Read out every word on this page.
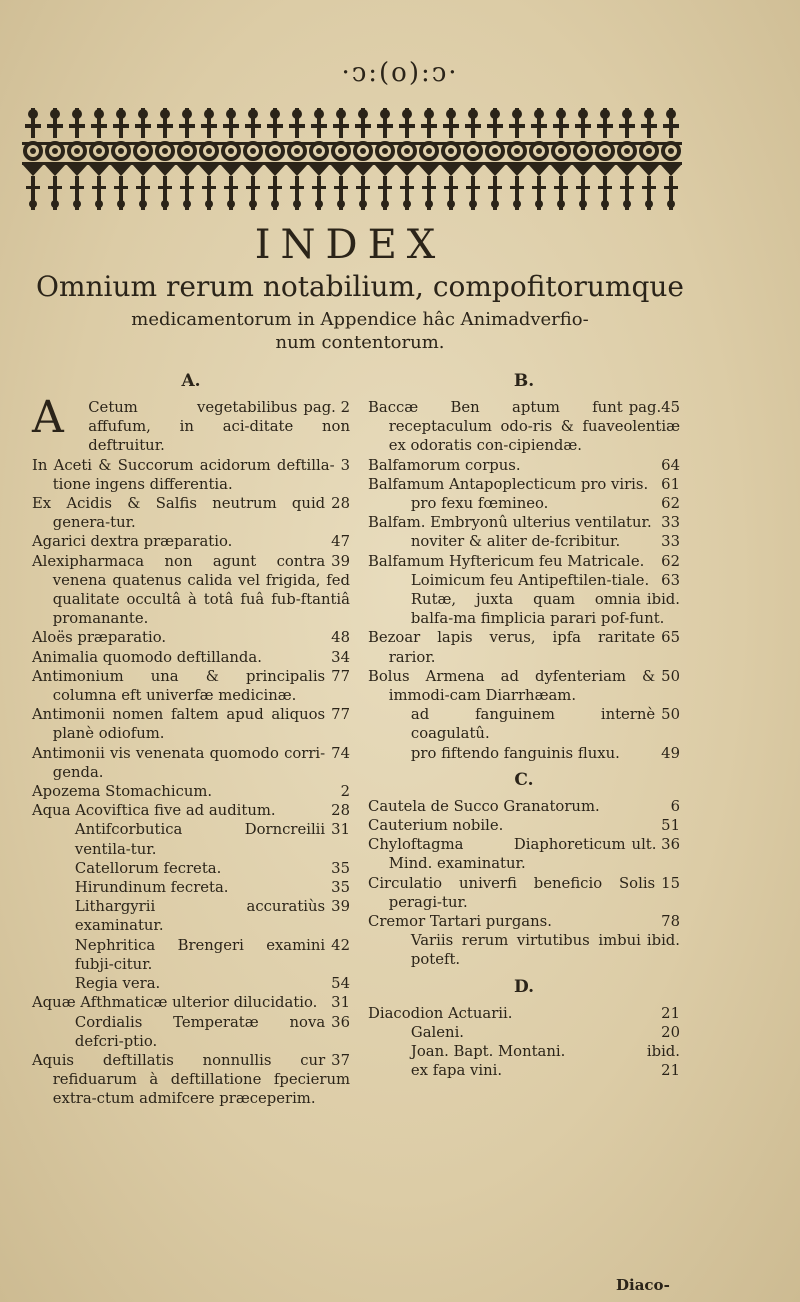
·ↄ:(o):ↄ·
INDEX
Omnium rerum notabilium, compofitorumque
medicamentorum in Appendice hâc Animadverfio-
num contentorum.
A.
A	pag. 2
Cetum vegetabilibus affufum, in aci-ditate non deftruitur.
3
In Aceti & Succorum acidorum deftilla-tione ingens differentia.
28
Ex Acidis & Salfis neutrum quid genera-tur.
47
Agarici dextra præparatio.
39
Alexipharmaca non agunt contra venena quatenus calida vel frigida, fed qualitate occultâ à totâ fuâ fub-ftantiâ promanante.
48
Aloës præparatio.
34
Animalia quomodo deftillanda.
77
Antimonium una & principalis columna eft univerfæ medicinæ.
77
Antimonii nomen faltem apud aliquos planè odiofum.
74
Antimonii vis venenata quomodo corri-genda.
2
Apozema Stomachicum.
28
Aqua Acoviftica five ad auditum.
31
Antifcorbutica Dorncreilii ventila-tur.
35
Catellorum fecreta.
35
Hirundinum fecreta.
39
Lithargyrii accuratiùs examinatur.
42
Nephritica Brengeri examini fubji-citur.
54
Regia vera.
31
Aquæ Afthmaticæ ulterior dilucidatio.
36
Cordialis Temperatæ nova defcri-ptio.
37
Aquis deftillatis nonnullis cur refiduarum à deftillatione fpecierum extra-ctum admifcere præceperim.
B.
pag.45
Baccæ Ben aptum funt receptaculum odo-ris & fuaveolentiæ ex odoratis con-cipiendæ.
64
Balfamorum corpus.
61
Balfamum Antapoplecticum pro viris.
62
pro fexu fœmineo.
33
Balfam. Embryonû ulterius ventilatur.
33
noviter & aliter de-fcribitur.
62
Balfamum Hyftericum feu Matricale.
63
Loimicum feu Antipeftilen-tiale.
ibid.
Rutæ, juxta quam omnia balfa-ma fimplicia parari pof-funt.
65
Bezoar lapis verus, ipfa raritate rarior.
50
Bolus Armena ad dyfenteriam & immodi-cam Diarrhæam.
50
ad fanguinem internè coagulatû.
49
pro fiftendo fanguinis fluxu.
C.
6
Cautela de Succo Granatorum.
51
Cauterium nobile.
ult. 36
Chyloftagma Diaphoreticum Mind. examinatur.
15
Circulatio univerfi beneficio Solis peragi-tur.
78
Cremor Tartari purgans.
ibid.
Variis rerum virtutibus imbui poteft.
D.
21
Diacodion Actuarii.
20
Galeni.
ibid.
Joan. Bapt. Montani.
21
ex fapa vini.
Diaco-
